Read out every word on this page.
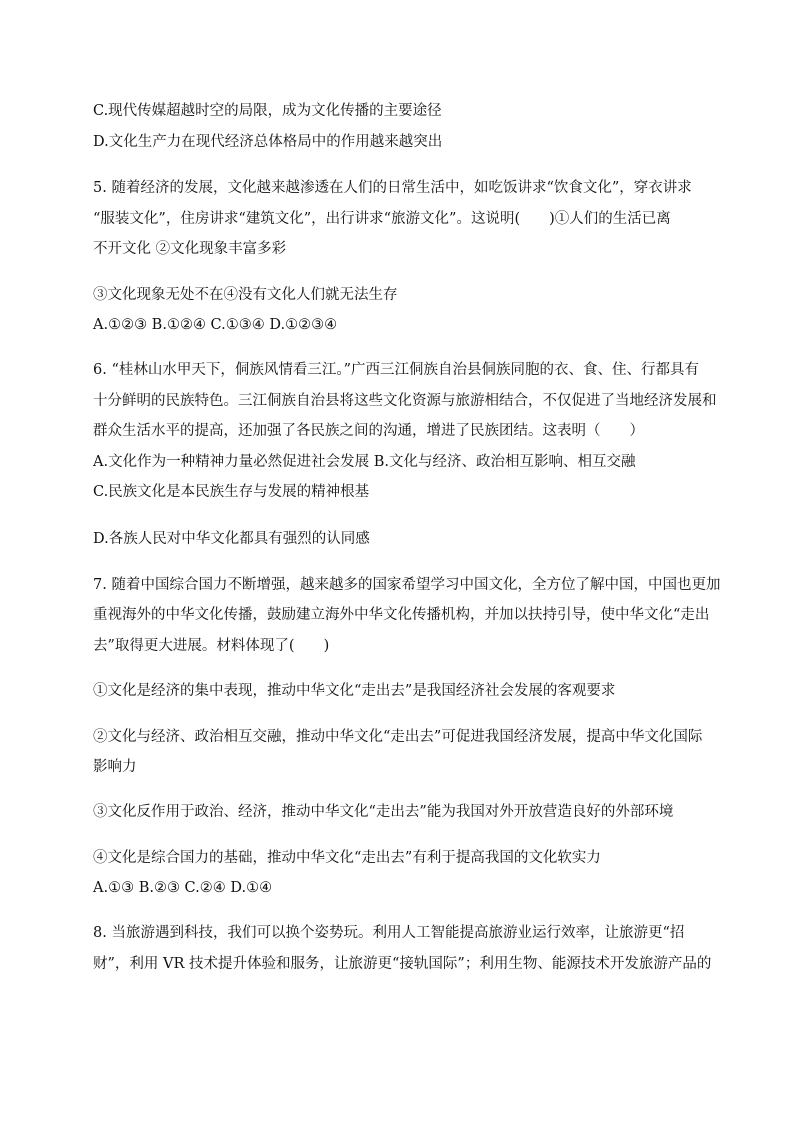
C.现代传媒超越时空的局限，成为文化传播的主要途径
D.文化生产力在现代经济总体格局中的作用越来越突出
5. 随着经济的发展，文化越来越渗透在人们的日常生活中，如吃饭讲求“饮食文化”，穿衣讲求
“服装文化”，住房讲求“建筑文化”，出行讲求“旅游文化”。这说明(　　)①人们的生活已离
不开文化 ②文化现象丰富多彩
③文化现象无处不在④没有文化人们就无法生存
A.①②③ B.①②④ C.①③④ D.①②③④
6. “桂林山水甲天下，侗族风情看三江。”广西三江侗族自治县侗族同胞的衣、食、住、行都具有
十分鲜明的民族特色。三江侗族自治县将这些文化资源与旅游相结合，不仅促进了当地经济发展和
群众生活水平的提高，还加强了各民族之间的沟通，增进了民族团结。这表明（　　）
A.文化作为一种精神力量必然促进社会发展 B.文化与经济、政治相互影响、相互交融
C.民族文化是本民族生存与发展的精神根基
D.各族人民对中华文化都具有强烈的认同感
7. 随着中国综合国力不断增强，越来越多的国家希望学习中国文化，全方位了解中国，中国也更加
重视海外的中华文化传播，鼓励建立海外中华文化传播机构，并加以扶持引导，使中华文化“走出
去”取得更大进展。材料体现了(　　)
①文化是经济的集中表现，推动中华文化“走出去”是我国经济社会发展的客观要求
②文化与经济、政治相互交融，推动中华文化“走出去”可促进我国经济发展，提高中华文化国际
影响力
③文化反作用于政治、经济，推动中华文化“走出去”能为我国对外开放营造良好的外部环境
④文化是综合国力的基础，推动中华文化“走出去”有利于提高我国的文化软实力
A.①③ B.②③ C.②④ D.①④
8. 当旅游遇到科技，我们可以换个姿势玩。利用人工智能提高旅游业运行效率，让旅游更“招
财”，利用 VR 技术提升体验和服务，让旅游更“接轨国际”；利用生物、能源技术开发旅游产品的
